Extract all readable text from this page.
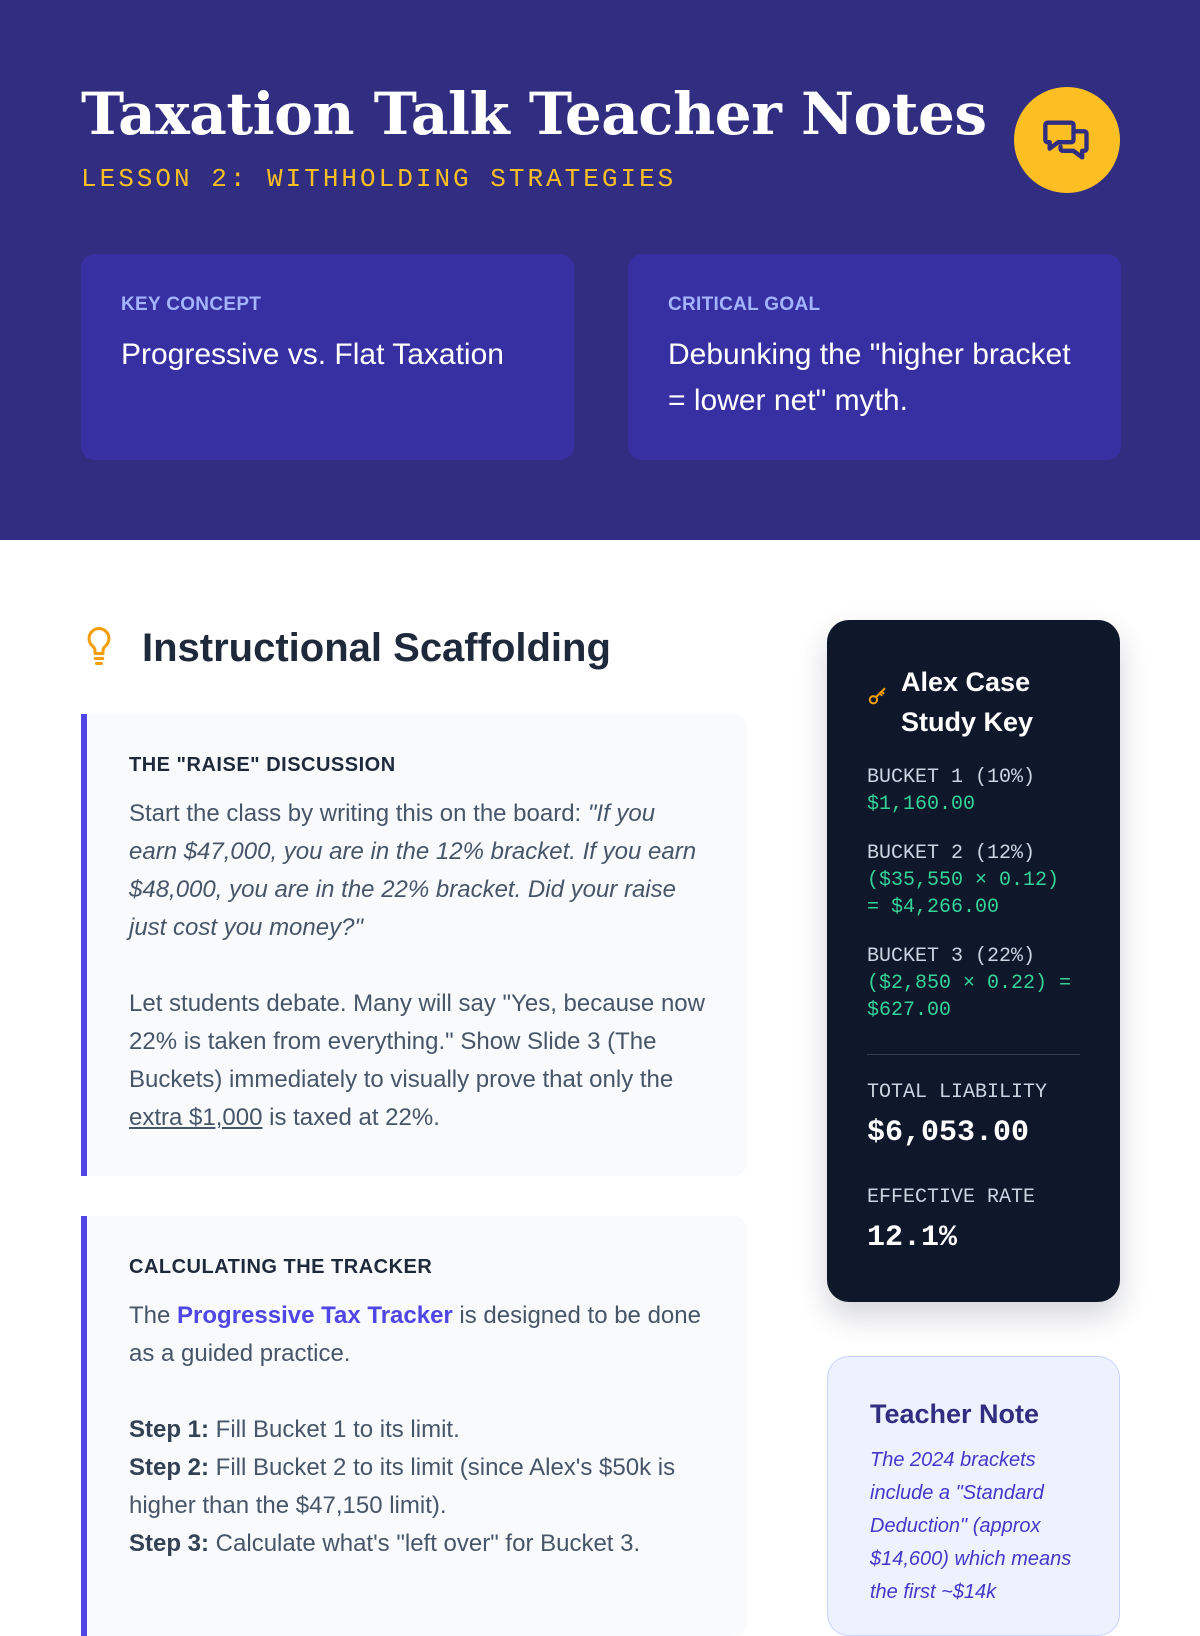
Taxation Talk Teacher Notes
LESSON 2: WITHHOLDING STRATEGIES
KEY CONCEPT
Progressive vs. Flat Taxation
CRITICAL GOAL
Debunking the "higher bracket = lower net" myth.
Instructional Scaffolding
THE "RAISE" DISCUSSION
Start the class by writing this on the board: "If you earn $47,000, you are in the 12% bracket. If you earn $48,000, you are in the 22% bracket. Did your raise just cost you money?"
Let students debate. Many will say "Yes, because now 22% is taken from everything." Show Slide 3 (The Buckets) immediately to visually prove that only the extra $1,000 is taxed at 22%.
CALCULATING THE TRACKER
The Progressive Tax Tracker is designed to be done as a guided practice.
Step 1: Fill Bucket 1 to its limit.
Step 2: Fill Bucket 2 to its limit (since Alex's $50k is higher than the $47,150 limit).
Step 3: Calculate what's "left over" for Bucket 3.
Alex Case Study Key
BUCKET 1 (10%)
$1,160.00
BUCKET 2 (12%)
($35,550 × 0.12) = $4,266.00
BUCKET 3 (22%)
($2,850 × 0.22) = $627.00
TOTAL LIABILITY
$6,053.00
EFFECTIVE RATE
12.1%
Teacher Note
The 2024 brackets include a "Standard Deduction" (approx $14,600) which means the first ~$14k
